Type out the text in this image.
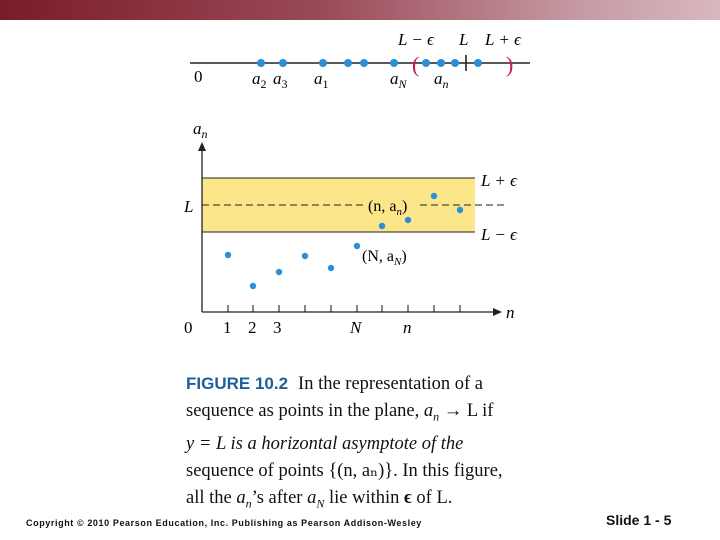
0	(	)
L − ϵ L L + ϵ
$a_2$ $a_3$ $a_1$	$a_N$ $a_n$
0 1 2 3	N n
$a_n$
n
L
L + ϵ
L − ϵ
(n, $a_n$)
(N, $a_N$)
FIGURE 10.2 In the representation of a
sequence as points in the plane, $a_n \to L$ if
y = L is a horizontal asymptote of the
sequence of points {(n, aₙ)}. In this figure,
all the $a_n’s$ after $a_N$ lie within ϵ of L.
Copyright © 2010 Pearson Education, Inc. Publishing as Pearson Addison-Wesley	Slide 1 - 5
